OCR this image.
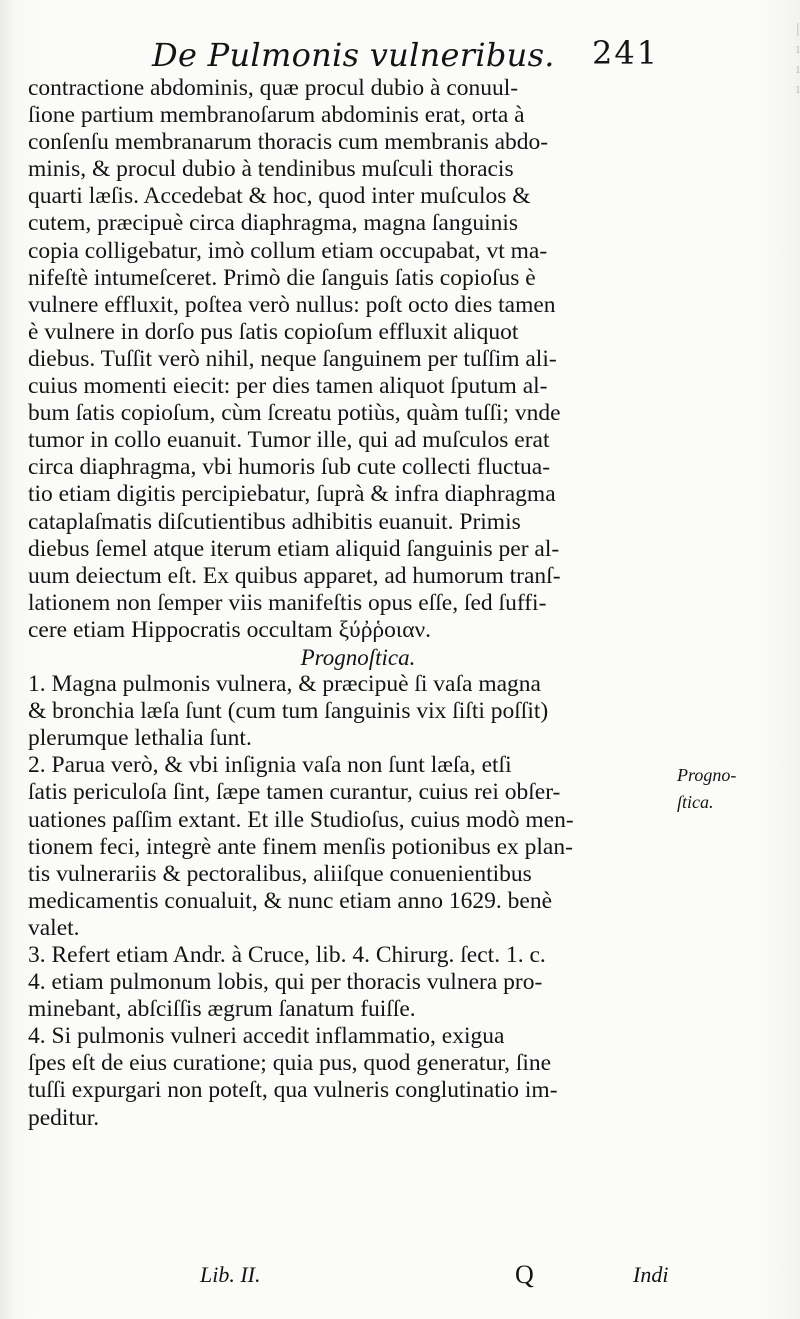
|
ı
ı
ı
De Pulmonis vulneribus. 241
contractione abdominis, quæ procul dubio à conuul-
ſione partium membranoſarum abdominis erat, orta à
conſenſu membranarum thoracis cum membranis abdo-
minis, & procul dubio à tendinibus muſculi thoracis
quarti læſis. Accedebat & hoc, quod inter muſculos &
cutem, præcipuè circa diaphragma, magna ſanguinis
copia colligebatur, imò collum etiam occupabat, vt ma-
nifeſtè intumeſceret. Primò die ſanguis ſatis copioſus è
vulnere effluxit, poſtea verò nullus: poſt octo dies tamen
è vulnere in dorſo pus ſatis copioſum effluxit aliquot
diebus. Tuſſit verò nihil, neque ſanguinem per tuſſim ali-
cuius momenti eiecit: per dies tamen aliquot ſputum al-
bum ſatis copioſum, cùm ſcreatu potiùs, quàm tuſſi; vnde
tumor in collo euanuit. Tumor ille, qui ad muſculos erat
circa diaphragma, vbi humoris ſub cute collecti fluctua-
tio etiam digitis percipiebatur, ſuprà & infra diaphragma
cataplaſmatis diſcutientibus adhibitis euanuit. Primis
diebus ſemel atque iterum etiam aliquid ſanguinis per al-
uum deiectum eſt. Ex quibus apparet, ad humorum tranſ-
lationem non ſemper viis manifeſtis opus eſſe, ſed ſuffi-
cere etiam Hippocratis occultam ξύῤῥοιαν.
Prognoſtica.
1. Magna pulmonis vulnera, & præcipuè ſi vaſa magna
& bronchia læſa ſunt (cum tum ſanguinis vix ſiſti poſſit)
plerumque lethalia ſunt.
2. Parua verò, & vbi inſignia vaſa non ſunt læſa, etſi
ſatis periculoſa ſint, ſæpe tamen curantur, cuius rei obſer-
uationes paſſim extant. Et ille Studioſus, cuius modò men-
tionem feci, integrè ante finem menſis potionibus ex plan-
tis vulnerariis & pectoralibus, aliiſque conuenientibus
medicamentis conualuit, & nunc etiam anno 1629. benè
valet.
3. Refert etiam Andr. à Cruce, lib. 4. Chirurg. ſect. 1. c.
4. etiam pulmonum lobis, qui per thoracis vulnera pro-
minebant, abſciſſis ægrum ſanatum fuiſſe.
4. Si pulmonis vulneri accedit inflammatio, exigua
ſpes eſt de eius curatione; quia pus, quod generatur, ſine
tuſſi expurgari non poteſt, qua vulneris conglutinatio im-
peditur.
Progno-
ſtica.
Lib. II.	Q	Indi
